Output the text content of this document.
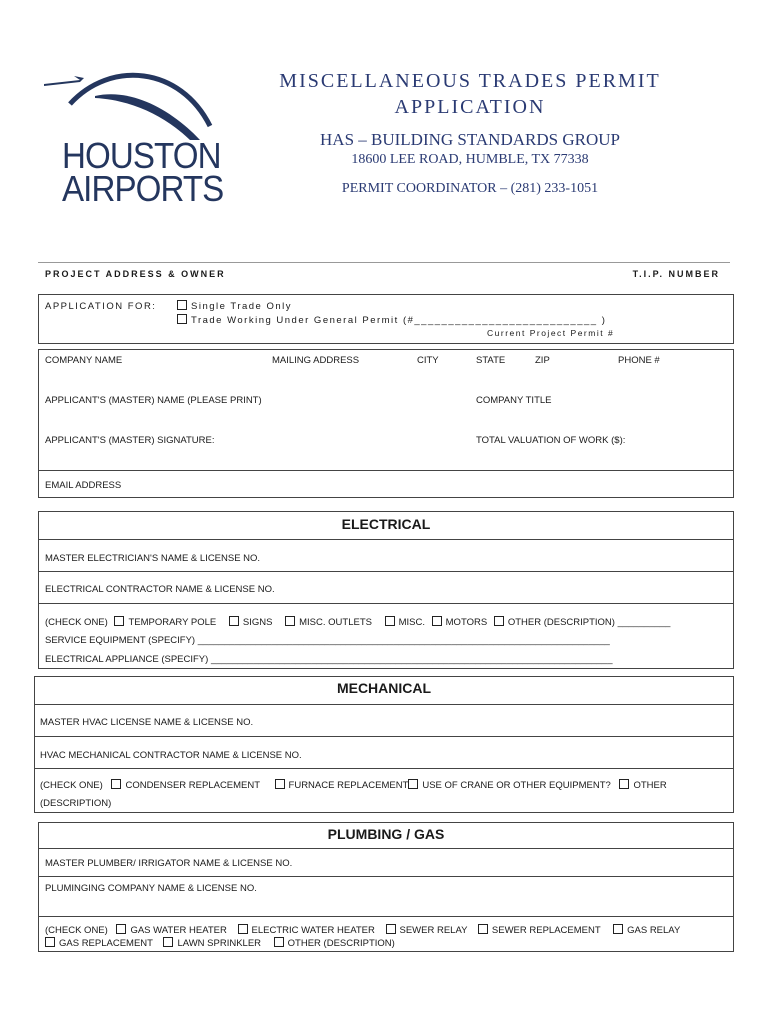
HOUSTON
AIRPORTS
MISCELLANEOUS TRADES PERMIT
APPLICATION
HAS – BUILDING STANDARDS GROUP
18600 LEE ROAD, HUMBLE, TX 77338
PERMIT COORDINATOR – (281) 233-1051
PROJECT ADDRESS & OWNER	T.I.P. NUMBER
APPLICATION FOR:	Single Trade Only
Trade Working Under General Permit (#___________________________ )
Current Project Permit #
COMPANY NAME	MAILING ADDRESS	CITY	STATE	ZIP	PHONE #
APPLICANT'S (MASTER) NAME (PLEASE PRINT)	COMPANY TITLE
APPLICANT'S (MASTER) SIGNATURE:	TOTAL VALUATION OF WORK ($):
EMAIL ADDRESS
ELECTRICAL
MASTER ELECTRICIAN'S NAME & LICENSE NO.
ELECTRICAL CONTRACTOR NAME & LICENSE NO.
(CHECK ONE) TEMPORARY POLE	SIGNS	MISC. OUTLETS	MISC. MOTORS OTHER (DESCRIPTION) __________
SERVICE EQUIPMENT (SPECIFY) ______________________________________________________________________________
ELECTRICAL APPLIANCE (SPECIFY) ____________________________________________________________________________
MECHANICAL
MASTER HVAC LICENSE NAME & LICENSE NO.
HVAC MECHANICAL CONTRACTOR NAME & LICENSE NO.
(CHECK ONE) CONDENSER REPLACEMENT	FURNACE REPLACEMENT USE OF CRANE OR OTHER EQUIPMENT? OTHER
(DESCRIPTION)
PLUMBING / GAS
MASTER PLUMBER/ IRRIGATOR NAME & LICENSE NO.
PLUMINGING COMPANY NAME & LICENSE NO.
(CHECK ONE) GAS WATER HEATER	ELECTRIC WATER HEATER	SEWER RELAY	SEWER REPLACEMENT	GAS RELAY
GAS REPLACEMENT	LAWN SPRINKLER	OTHER (DESCRIPTION)
